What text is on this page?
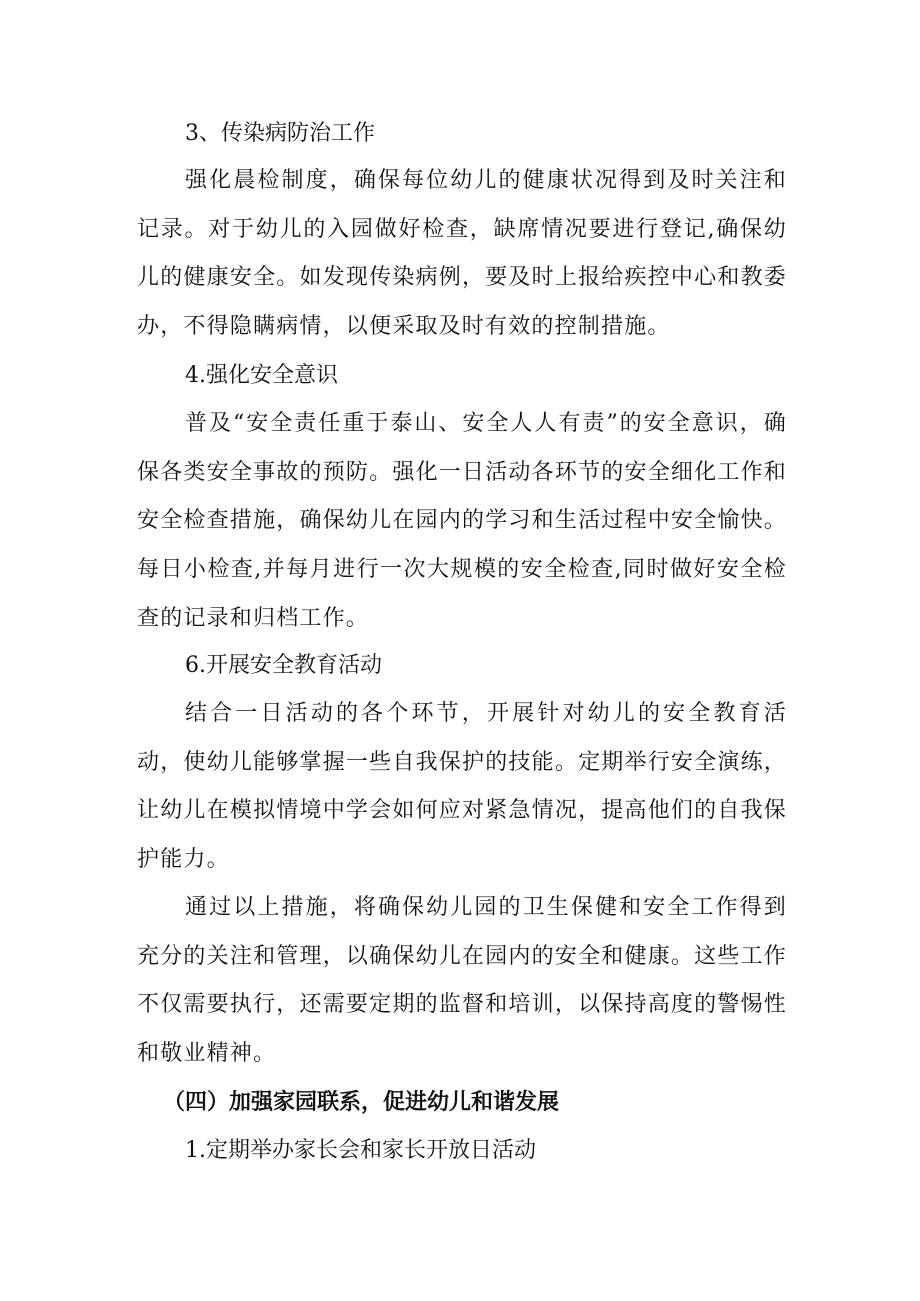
3、传染病防治工作
强化晨检制度，确保每位幼儿的健康状况得到及时关注和记录。对于幼儿的入园做好检查，缺席情况要进行登记,确保幼儿的健康安全。如发现传染病例，要及时上报给疾控中心和教委办，不得隐瞒病情，以便采取及时有效的控制措施。
4.强化安全意识
普及“安全责任重于泰山、安全人人有责”的安全意识，确保各类安全事故的预防。强化一日活动各环节的安全细化工作和安全检查措施，确保幼儿在园内的学习和生活过程中安全愉快。每日小检查,并每月进行一次大规模的安全检查,同时做好安全检查的记录和归档工作。
6.开展安全教育活动
结合一日活动的各个环节，开展针对幼儿的安全教育活动，使幼儿能够掌握一些自我保护的技能。定期举行安全演练，让幼儿在模拟情境中学会如何应对紧急情况，提高他们的自我保护能力。
通过以上措施，将确保幼儿园的卫生保健和安全工作得到充分的关注和管理，以确保幼儿在园内的安全和健康。这些工作不仅需要执行，还需要定期的监督和培训，以保持高度的警惕性和敬业精神。
（四）加强家园联系，促进幼儿和谐发展
1.定期举办家长会和家长开放日活动
